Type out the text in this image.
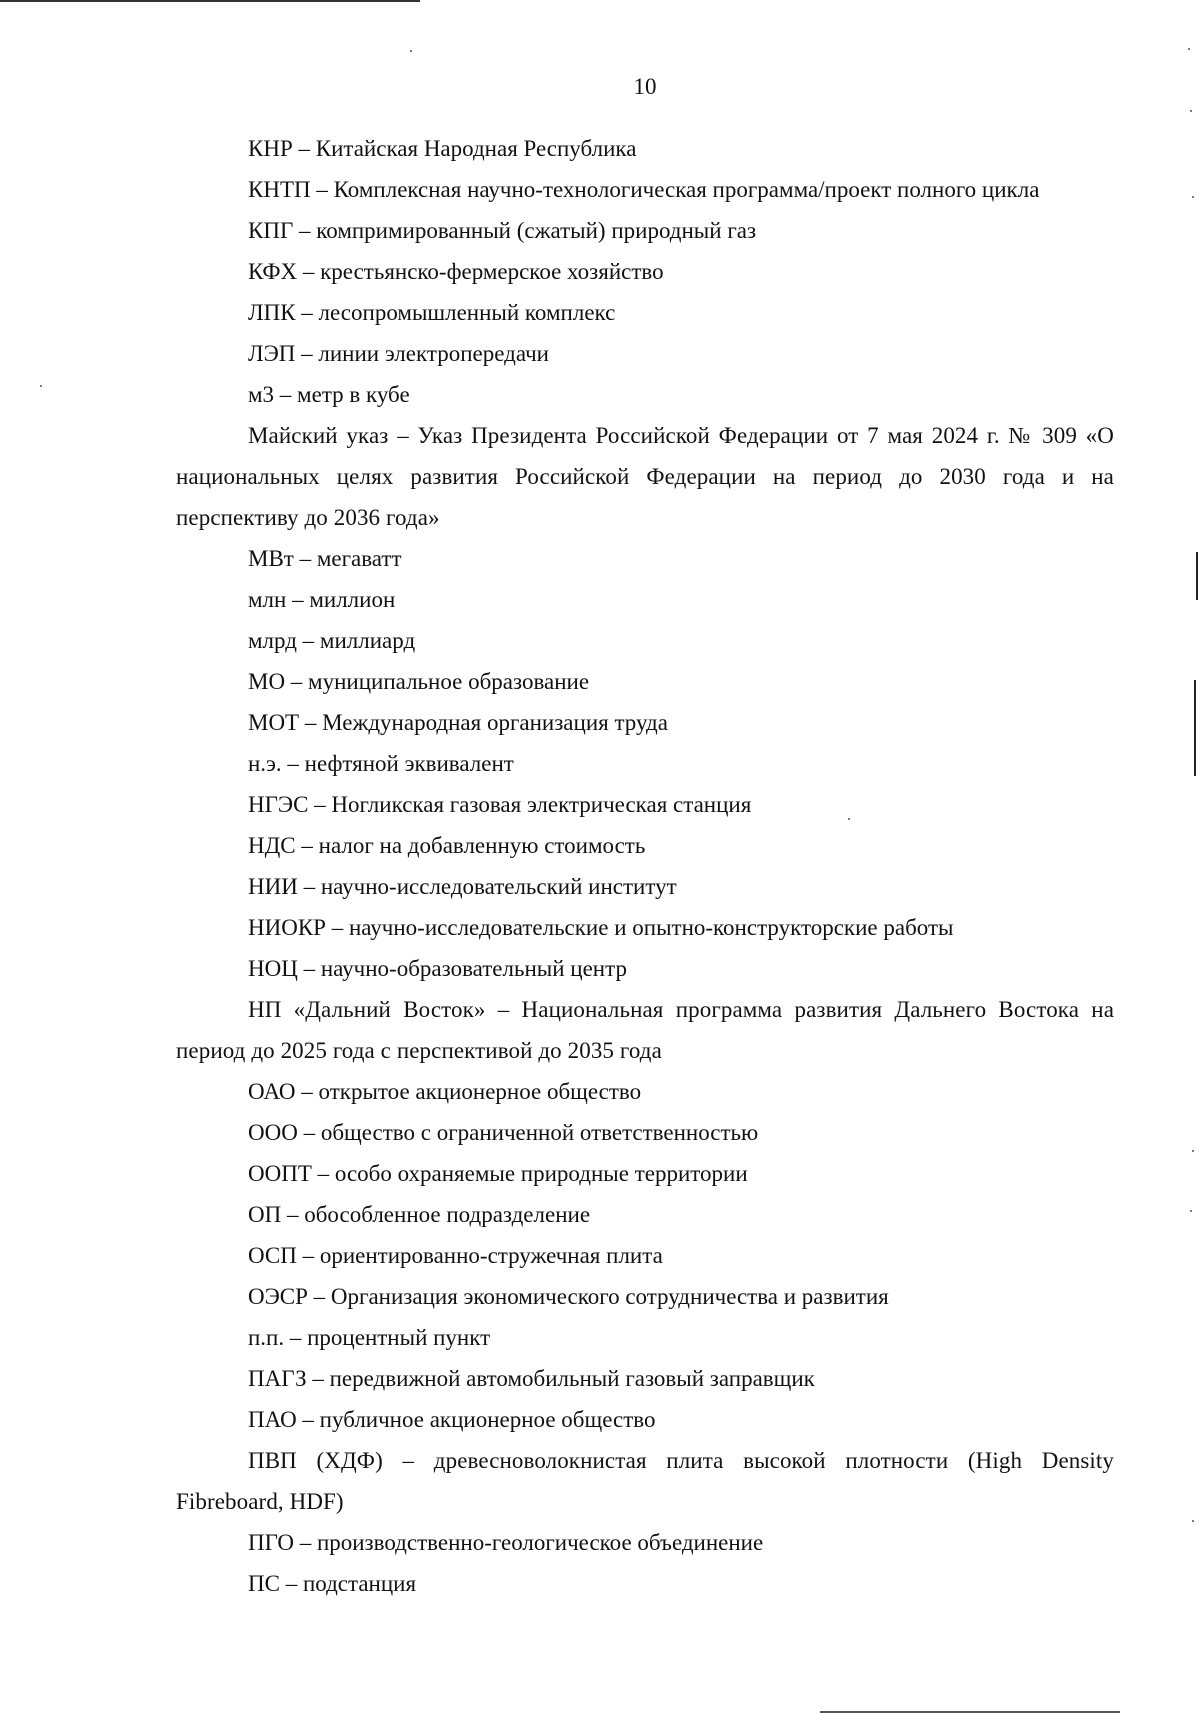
10

КНР – Китайская Народная Республика

КНТП – Комплексная научно-технологическая программа/проект полного цикла

КПГ – компримированный (сжатый) природный газ

КФХ – крестьянско-фермерское хозяйство

ЛПК – лесопромышленный комплекс

ЛЭП – линии электропередачи

м3 – метр в кубе

Майский указ – Указ Президента Российской Федерации от 7 мая 2024 г. № 309 «О национальных целях развития Российской Федерации на период до 2030 года и на перспективу до 2036 года»

МВт – мегаватт

млн – миллион

млрд – миллиард

МО – муниципальное образование

МОТ – Международная организация труда

н.э. – нефтяной эквивалент

НГЭС – Ногликская газовая электрическая станция

НДС – налог на добавленную стоимость

НИИ – научно-исследовательский институт

НИОКР – научно-исследовательские и опытно-конструкторские работы

НОЦ – научно-образовательный центр

НП «Дальний Восток» – Национальная программа развития Дальнего Востока на период до 2025 года с перспективой до 2035 года

ОАО – открытое акционерное общество

ООО – общество с ограниченной ответственностью

ООПТ – особо охраняемые природные территории

ОП – обособленное подразделение

ОСП – ориентированно-стружечная плита

ОЭСР – Организация экономического сотрудничества и развития

п.п. – процентный пункт

ПАГЗ – передвижной автомобильный газовый заправщик

ПАО – публичное акционерное общество

ПВП (ХДФ) – древесноволокнистая плита высокой плотности (High Density Fibreboard, HDF)

ПГО – производственно-геологическое объединение

ПС – подстанция
